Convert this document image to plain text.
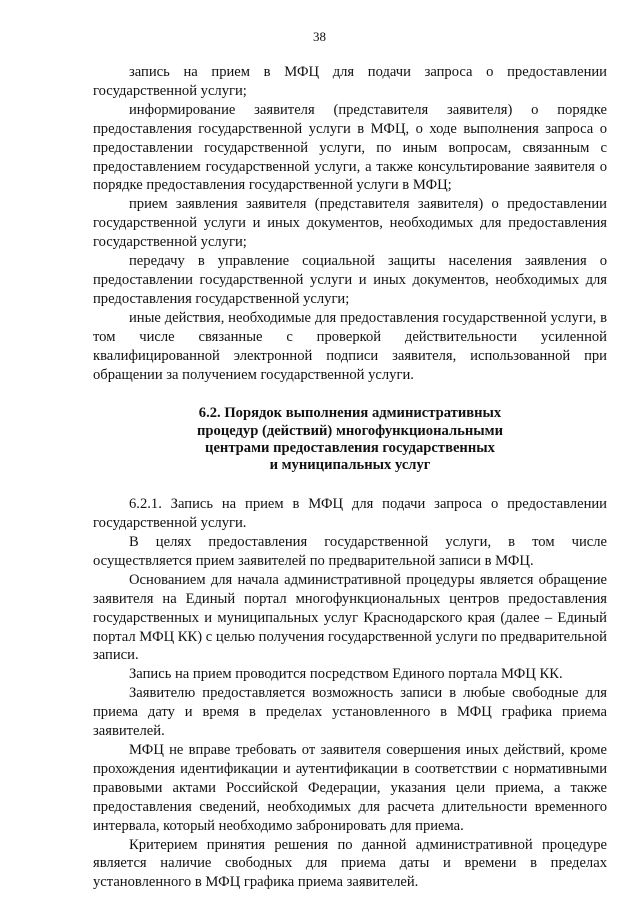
38

запись на прием в МФЦ для подачи запроса о предоставлении государственной услуги;

информирование заявителя (представителя заявителя) о порядке предоставления государственной услуги в МФЦ, о ходе выполнения запроса о предоставлении государственной услуги, по иным вопросам, связанным с предоставлением государственной услуги, а также консультирование заявителя о порядке предоставления государственной услуги в МФЦ;

прием заявления заявителя (представителя заявителя) о предоставлении государственной услуги и иных документов, необходимых для предоставления государственной услуги;

передачу в управление социальной защиты населения заявления о предоставлении государственной услуги и иных документов, необходимых для предоставления государственной услуги;

иные действия, необходимые для предоставления государственной услуги, в том числе связанные с проверкой действительности усиленной квалифицированной электронной подписи заявителя, использованной при обращении за получением государственной услуги.

6.2. Порядок выполнения административных
процедур (действий) многофункциональными
центрами предоставления государственных
и муниципальных услуг

6.2.1. Запись на прием в МФЦ для подачи запроса о предоставлении государственной услуги.

В целях предоставления государственной услуги, в том числе осуществляется прием заявителей по предварительной записи в МФЦ.

Основанием для начала административной процедуры является обращение заявителя на Единый портал многофункциональных центров предоставления государственных и муниципальных услуг Краснодарского края (далее – Единый портал МФЦ КК) с целью получения государственной услуги по предварительной записи.

Запись на прием проводится посредством Единого портала МФЦ КК.

Заявителю предоставляется возможность записи в любые свободные для приема дату и время в пределах установленного в МФЦ графика приема заявителей.

МФЦ не вправе требовать от заявителя совершения иных действий, кроме прохождения идентификации и аутентификации в соответствии с нормативными правовыми актами Российской Федерации, указания цели приема, а также предоставления сведений, необходимых для расчета длительности временного интервала, который необходимо забронировать для приема.

Критерием принятия решения по данной административной процедуре является наличие свободных для приема даты и времени в пределах установленного в МФЦ графика приема заявителей.
